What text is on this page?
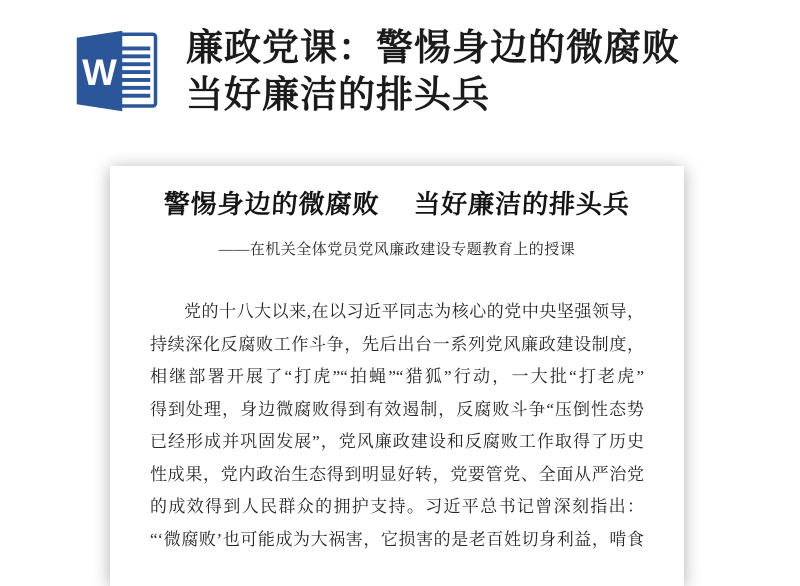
W
廉政党课：警惕身边的微腐败
当好廉洁的排头兵
警惕身边的微腐败　 当好廉洁的排头兵
——在机关全体党员党风廉政建设专题教育上的授课
党的十八大以来,在以习近平同志为核心的党中央坚强领导，
持续深化反腐败工作斗争，先后出台一系列党风廉政建设制度，
相继部署开展了“打虎”“拍蝇”“猎狐”行动，一大批“打老虎”
得到处理，身边微腐败得到有效遏制，反腐败斗争“压倒性态势
已经形成并巩固发展”，党风廉政建设和反腐败工作取得了历史
性成果，党内政治生态得到明显好转，党要管党、全面从严治党
的成效得到人民群众的拥护支持。习近平总书记曾深刻指出：
“‘微腐败’也可能成为大祸害，它损害的是老百姓切身利益，啃食
